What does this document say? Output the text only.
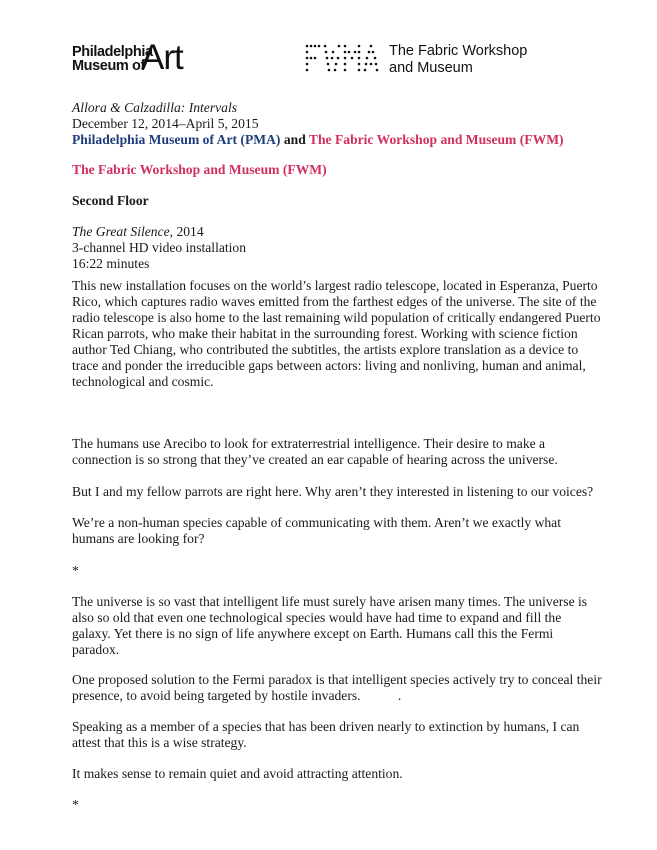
Philadelphia
Museum of
Art	The Fabric Workshop
and Museum
Allora & Calzadilla: Intervals
December 12, 2014–April 5, 2015
Philadelphia Museum of Art (PMA) and The Fabric Workshop and Museum (FWM)
The Fabric Workshop and Museum (FWM)
Second Floor
The Great Silence, 2014
3-channel HD video installation
16:22 minutes
This new installation focuses on the world’s largest radio telescope, located in Esperanza, Puerto
Rico, which captures radio waves emitted from the farthest edges of the universe. The site of the
radio telescope is also home to the last remaining wild population of critically endangered Puerto
Rican parrots, who make their habitat in the surrounding forest. Working with science fiction
author Ted Chiang, who contributed the subtitles, the artists explore translation as a device to
trace and ponder the irreducible gaps between actors: living and nonliving, human and animal,
technological and cosmic.
The humans use Arecibo to look for extraterrestrial intelligence. Their desire to make a
connection is so strong that they’ve created an ear capable of hearing across the universe.
But I and my fellow parrots are right here. Why aren’t they interested in listening to our voices?
We’re a non-human species capable of communicating with them. Aren’t we exactly what
humans are looking for?
*
The universe is so vast that intelligent life must surely have arisen many times. The universe is
also so old that even one technological species would have had time to expand and fill the
galaxy. Yet there is no sign of life anywhere except on Earth. Humans call this the Fermi
paradox.
One proposed solution to the Fermi paradox is that intelligent species actively try to conceal their
presence, to avoid being targeted by hostile invaders.           .
Speaking as a member of a species that has been driven nearly to extinction by humans, I can
attest that this is a wise strategy.
It makes sense to remain quiet and avoid attracting attention.
*
